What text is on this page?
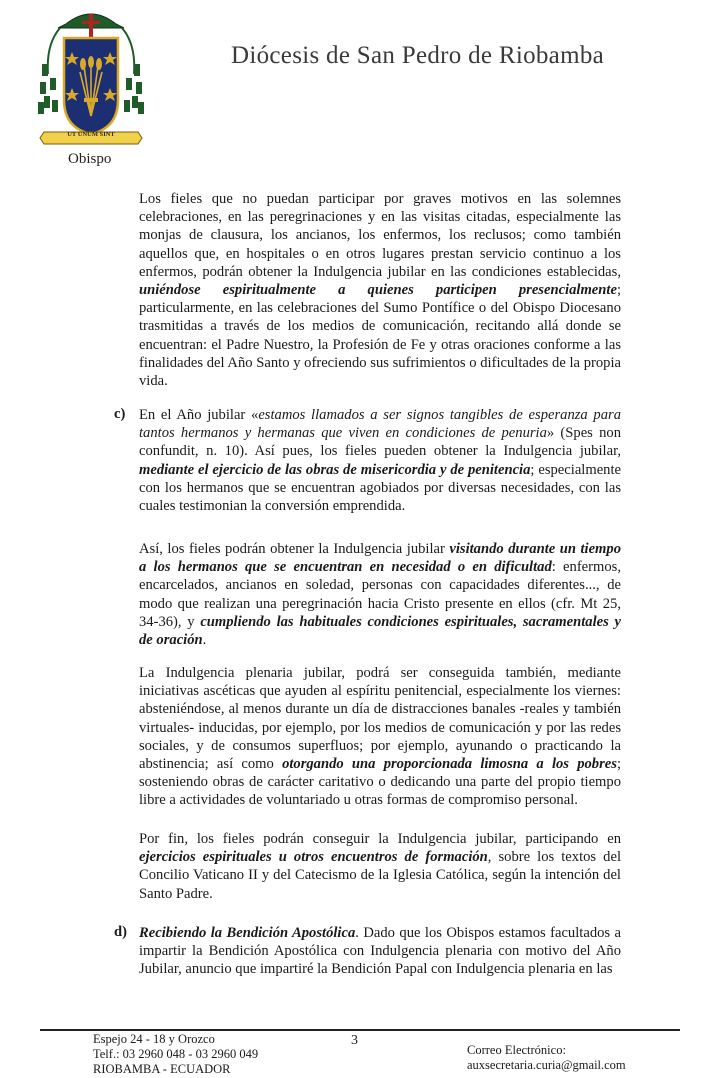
UT UNUM SINT
Obispo
Diócesis de San Pedro de Riobamba

Los fieles que no puedan participar por graves motivos en las solemnes celebraciones, en las peregrinaciones y en las visitas citadas, especialmente las monjas de clausura, los ancianos, los enfermos, los reclusos; como también aquellos que, en hospitales o en otros lugares prestan servicio continuo a los enfermos, podrán obtener la Indulgencia jubilar en las condiciones establecidas, uniéndose espiritualmente a quienes participen presencialmente; particularmente, en las celebraciones del Sumo Pontífice o del Obispo Diocesano trasmitidas a través de los medios de comunicación, recitando allá donde se encuentran: el Padre Nuestro, la Profesión de Fe y otras oraciones conforme a las finalidades del Año Santo y ofreciendo sus sufrimientos o dificultades de la propia vida.

c) En el Año jubilar «estamos llamados a ser signos tangibles de esperanza para tantos hermanos y hermanas que viven en condiciones de penuria» (Spes non confundit, n. 10). Así pues, los fieles pueden obtener la Indulgencia jubilar, mediante el ejercicio de las obras de misericordia y de penitencia; especialmente con los hermanos que se encuentran agobiados por diversas necesidades, con las cuales testimonian la conversión emprendida.

Así, los fieles podrán obtener la Indulgencia jubilar visitando durante un tiempo a los hermanos que se encuentran en necesidad o en dificultad: enfermos, encarcelados, ancianos en soledad, personas con capacidades diferentes..., de modo que realizan una peregrinación hacia Cristo presente en ellos (cfr. Mt 25, 34-36), y cumpliendo las habituales condiciones espirituales, sacramentales y de oración.

La Indulgencia plenaria jubilar, podrá ser conseguida también, mediante iniciativas ascéticas que ayuden al espíritu penitencial, especialmente los viernes: absteniéndose, al menos durante un día de distracciones banales -reales y también virtuales- inducidas, por ejemplo, por los medios de comunicación y por las redes sociales, y de consumos superfluos; por ejemplo, ayunando o practicando la abstinencia; así como otorgando una proporcionada limosna a los pobres; sosteniendo obras de carácter caritativo o dedicando una parte del propio tiempo libre a actividades de voluntariado u otras formas de compromiso personal.

Por fin, los fieles podrán conseguir la Indulgencia jubilar, participando en ejercicios espirituales u otros encuentros de formación, sobre los textos del Concilio Vaticano II y del Catecismo de la Iglesia Católica, según la intención del Santo Padre.

d) Recibiendo la Bendición Apostólica. Dado que los Obispos estamos facultados a impartir la Bendición Apostólica con Indulgencia plenaria con motivo del Año Jubilar, anuncio que impartiré la Bendición Papal con Indulgencia plenaria en las

3
Espejo 24 - 18 y Orozco
Telf.: 03 2960 048 - 03 2960 049
RIOBAMBA - ECUADOR
Correo Electrónico:
auxsecretaria.curia@gmail.com
